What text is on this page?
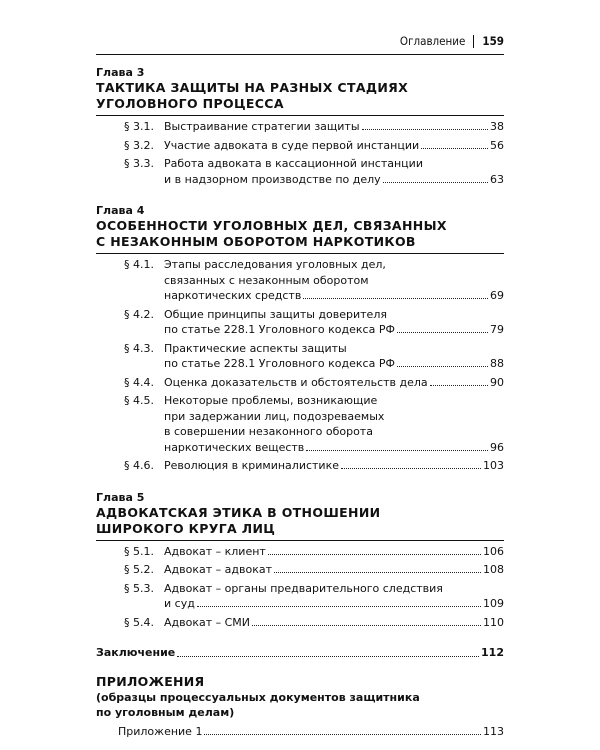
Оглавление 159
Глава 3
ТАКТИКА ЗАЩИТЫ НА РАЗНЫХ СТАДИЯХ
УГОЛОВНОГО ПРОЦЕССА
§ 3.1. Выстраивание стратегии защиты	38
§ 3.2. Участие адвоката в суде первой инстанции	56
§ 3.3. Работа адвоката в кассационной инстанции
и в надзорном производстве по делу	63
Глава 4
ОСОБЕННОСТИ УГОЛОВНЫХ ДЕЛ, СВЯЗАННЫХ
С НЕЗАКОННЫМ ОБОРОТОМ НАРКОТИКОВ
§ 4.1. Этапы расследования уголовных дел,
связанных с незаконным оборотом
наркотических средств	69
§ 4.2. Общие принципы защиты доверителя
по статье 228.1 Уголовного кодекса РФ	79
§ 4.3. Практические аспекты защиты
по статье 228.1 Уголовного кодекса РФ	88
§ 4.4. Оценка доказательств и обстоятельств дела	90
§ 4.5. Некоторые проблемы, возникающие
при задержании лиц, подозреваемых
в совершении незаконного оборота
наркотических веществ	96
§ 4.6. Революция в криминалистике	103
Глава 5
АДВОКАТСКАЯ ЭТИКА В ОТНОШЕНИИ
ШИРОКОГО КРУГА ЛИЦ
§ 5.1. Адвокат – клиент	106
§ 5.2. Адвокат – адвокат	108
§ 5.3. Адвокат – органы предварительного следствия
и суд	109
§ 5.4. Адвокат – СМИ	110
Заключение	112
ПРИЛОЖЕНИЯ
(образцы процессуальных документов защитника
по уголовным делам)
Приложение 1	113
